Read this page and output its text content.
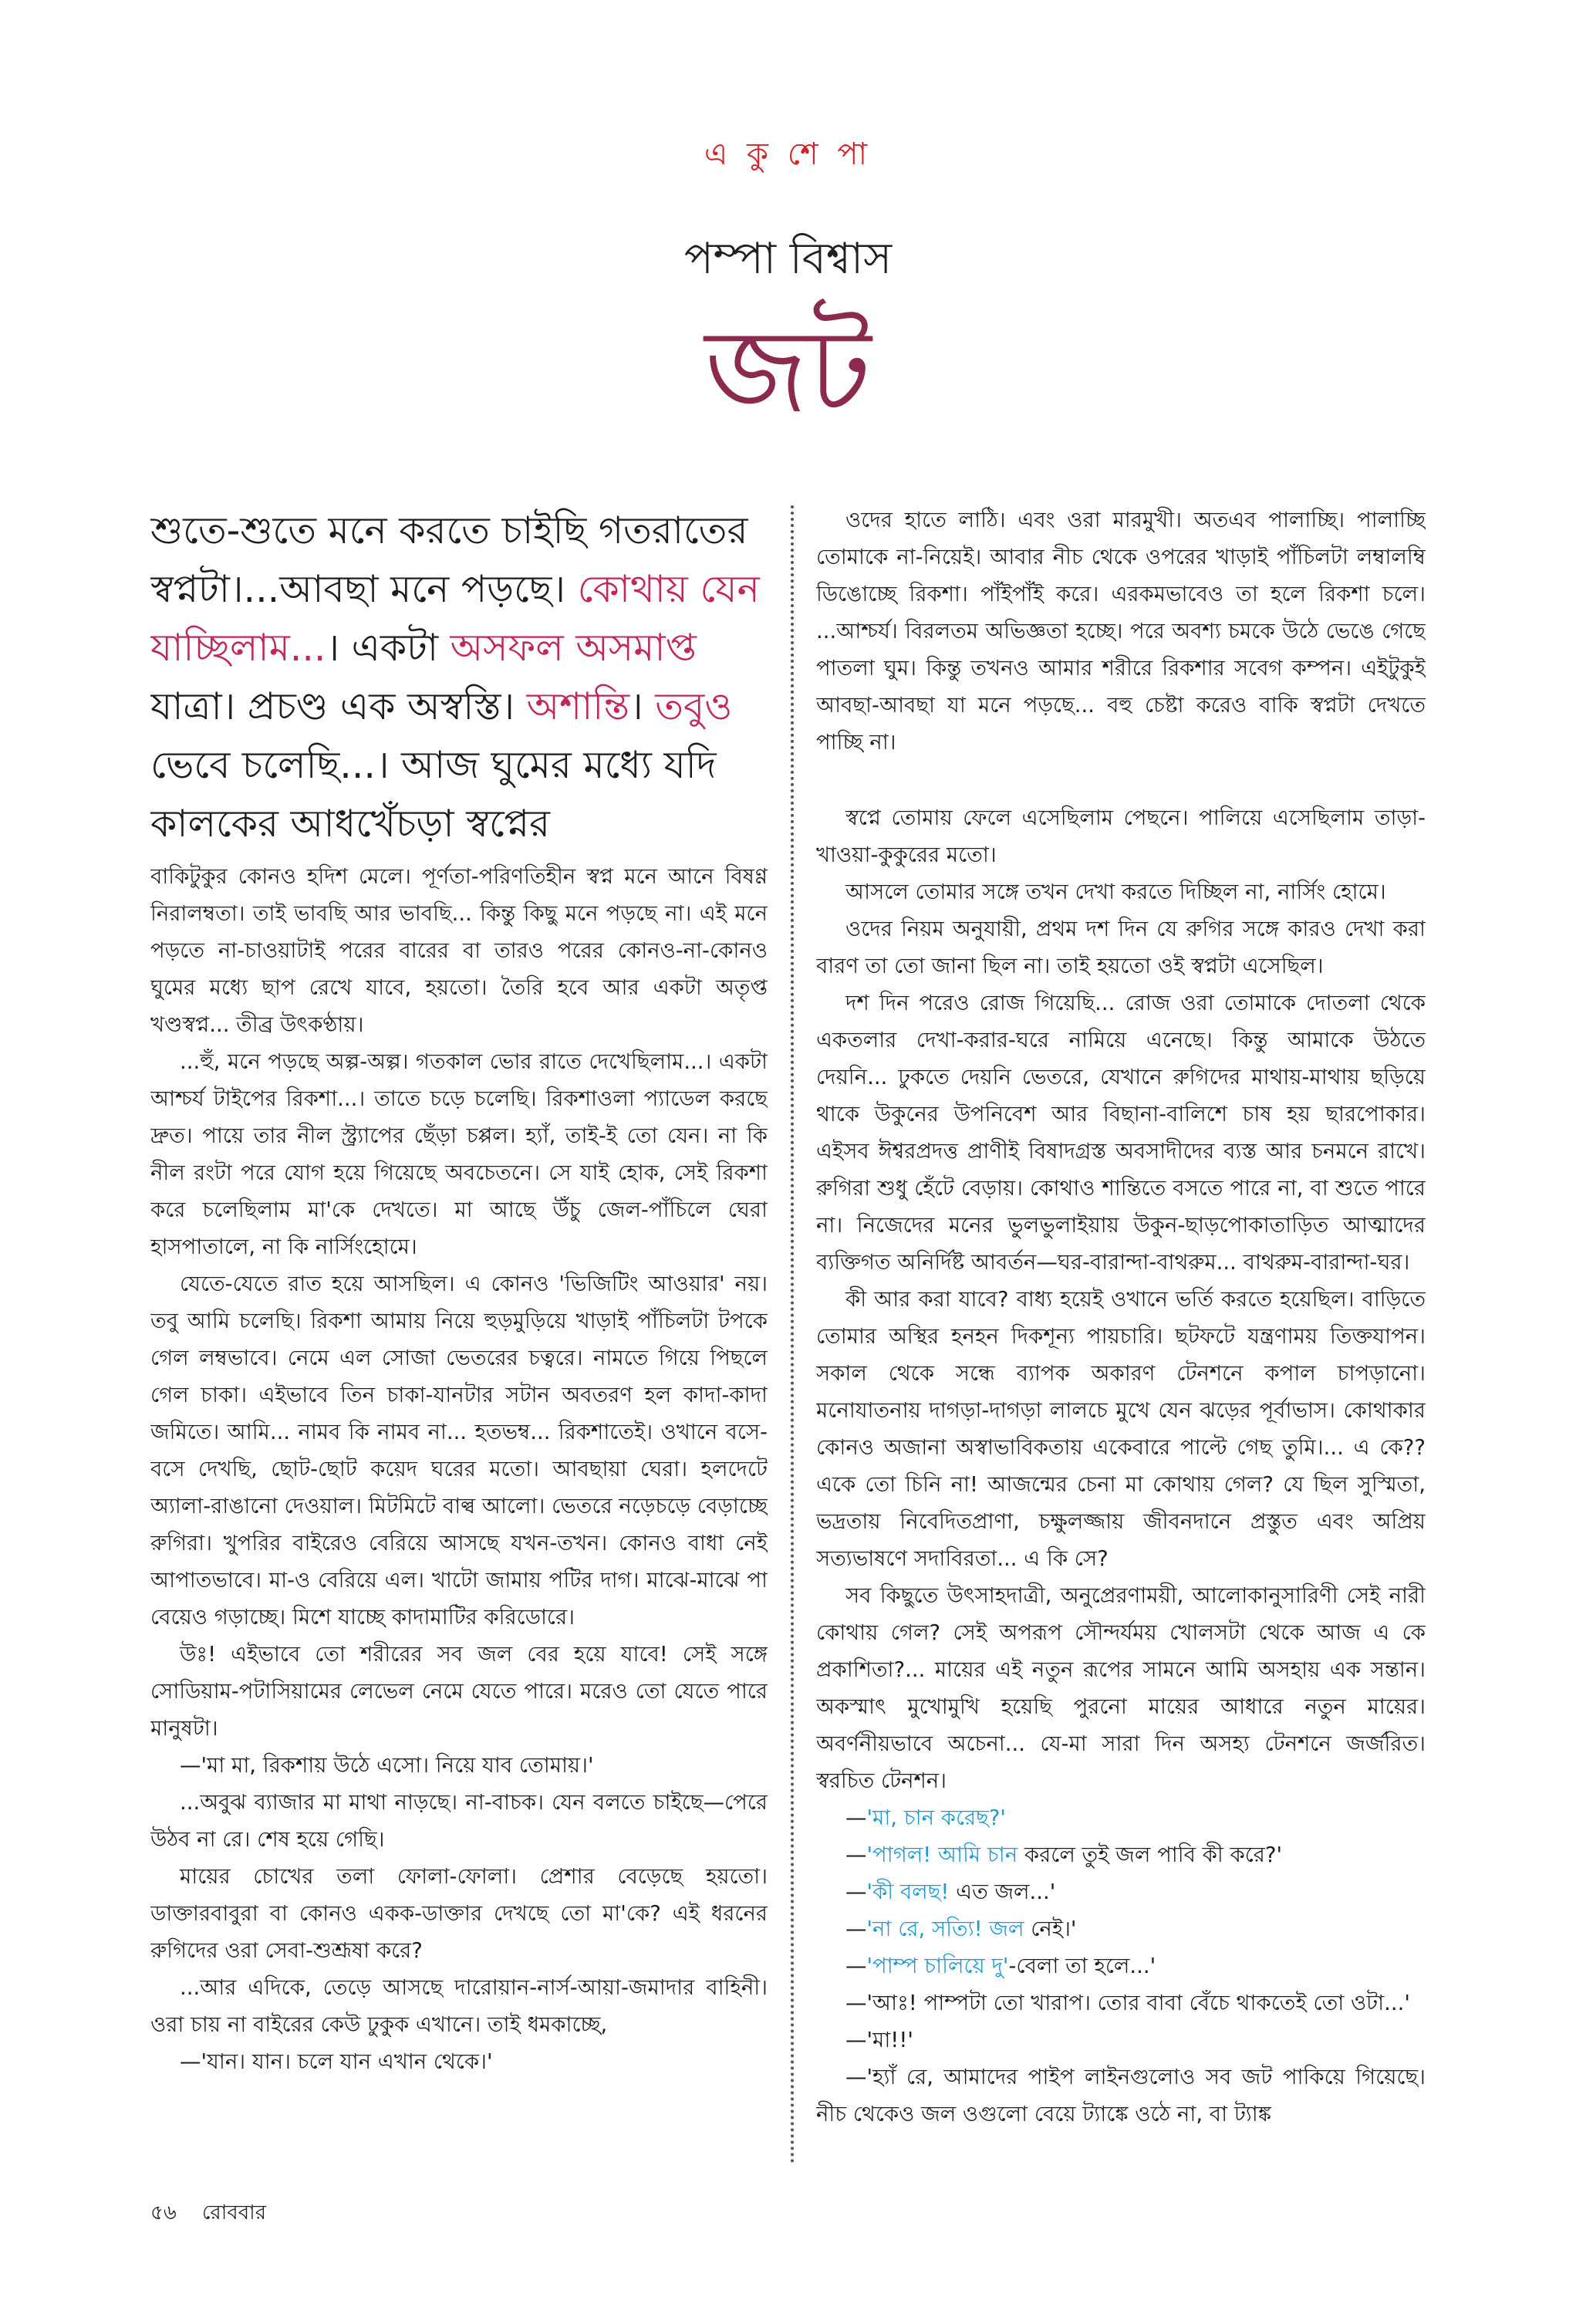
এ কু শে পা
পম্পা বিশ্বাস
জট
শুতে-শুতে মনে করতে চাইছি গতরাতের স্বপ্নটা।...আবছা মনে পড়ছে। কোথায় যেন যাচ্ছিলাম...। একটা অসফল অসমাপ্ত যাত্রা। প্রচণ্ড এক অস্বস্তি। অশান্তি। তবুও ভেবে চলেছি...। আজ ঘুমের মধ্যে যদি কালকের আধখেঁচড়া স্বপ্নের

বাকিটুকুর কোনও হদিশ মেলে। পূর্ণতা-পরিণতিহীন স্বপ্ন মনে আনে বিষণ্ণ নিরালম্বতা। তাই ভাবছি আর ভাবছি... কিন্তু কিছু মনে পড়ছে না। এই মনে পড়তে না-চাওয়াটাই পরের বারের বা তারও পরের কোনও-না-কোনও ঘুমের মধ্যে ছাপ রেখে যাবে, হয়তো। তৈরি হবে আর একটা অতৃপ্ত খণ্ডস্বপ্ন... তীব্র উৎকণ্ঠায়।

...হুঁ, মনে পড়ছে অল্প-অল্প। গতকাল ভোর রাতে দেখেছিলাম...। একটা আশ্চর্য টাইপের রিকশা...। তাতে চড়ে চলেছি। রিকশাওলা প্যাডেল করছে দ্রুত। পায়ে তার নীল স্ট্র্যাপের ছেঁড়া চপ্পল। হ্যাঁ, তাই-ই তো যেন। না কি নীল রংটা পরে যোগ হয়ে গিয়েছে অবচেতনে। সে যাই হোক, সেই রিকশা করে চলেছিলাম মা'কে দেখতে। মা আছে উঁচু জেল-পাঁচিলে ঘেরা হাসপাতালে, না কি নার্সিংহোমে।

যেতে-যেতে রাত হয়ে আসছিল। এ কোনও 'ভিজিটিং আওয়ার' নয়। তবু আমি চলেছি। রিকশা আমায় নিয়ে হুড়মুড়িয়ে খাড়াই পাঁচিলটা টপকে গেল লম্বভাবে। নেমে এল সোজা ভেতরের চত্বরে। নামতে গিয়ে পিছলে গেল চাকা। এইভাবে তিন চাকা-যানটার সটান অবতরণ হল কাদা-কাদা জমিতে। আমি... নামব কি নামব না... হতভম্ব... রিকশাতেই। ওখানে বসে-বসে দেখছি, ছোট-ছোট কয়েদ ঘরের মতো। আবছায়া ঘেরা। হলদেটে অ্যালা-রাঙানো দেওয়াল। মিটমিটে বাল্ব আলো। ভেতরে নড়েচড়ে বেড়াচ্ছে রুগিরা। খুপরির বাইরেও বেরিয়ে আসছে যখন-তখন। কোনও বাধা নেই আপাতভাবে। মা-ও বেরিয়ে এল। খাটো জামায় পটির দাগ। মাঝে-মাঝে পা বেয়েও গড়াচ্ছে। মিশে যাচ্ছে কাদামাটির করিডোরে।

উঃ! এইভাবে তো শরীরের সব জল বের হয়ে যাবে! সেই সঙ্গে সোডিয়াম-পটাসিয়ামের লেভেল নেমে যেতে পারে। মরেও তো যেতে পারে মানুষটা।

—'মা মা, রিকশায় উঠে এসো। নিয়ে যাব তোমায়।'

...অবুঝ ব্যাজার মা মাথা নাড়ছে। না-বাচক। যেন বলতে চাইছে—পেরে উঠব না রে। শেষ হয়ে গেছি।

মায়ের চোখের তলা ফোলা-ফোলা। প্রেশার বেড়েছে হয়তো। ডাক্তারবাবুরা বা কোনও একক-ডাক্তার দেখছে তো মা'কে? এই ধরনের রুগিদের ওরা সেবা-শুশ্রূষা করে?

...আর এদিকে, তেড়ে আসছে দারোয়ান-নার্স-আয়া-জমাদার বাহিনী। ওরা চায় না বাইরের কেউ ঢুকুক এখানে। তাই ধমকাচ্ছে,

—'যান। যান। চলে যান এখান থেকে।'

ওদের হাতে লাঠি। এবং ওরা মারমুখী। অতএব পালাচ্ছি। পালাচ্ছি তোমাকে না-নিয়েই। আবার নীচ থেকে ওপরের খাড়াই পাঁচিলটা লম্বালম্বি ডিঙোচ্ছে রিকশা। পাঁইপাঁই করে। এরকমভাবেও তা হলে রিকশা চলে। ...আশ্চর্য। বিরলতম অভিজ্ঞতা হচ্ছে। পরে অবশ্য চমকে উঠে ভেঙে গেছে পাতলা ঘুম। কিন্তু তখনও আমার শরীরে রিকশার সবেগ কম্পন। এইটুকুই আবছা-আবছা যা মনে পড়ছে... বহু চেষ্টা করেও বাকি স্বপ্নটা দেখতে পাচ্ছি না।

স্বপ্নে তোমায় ফেলে এসেছিলাম পেছনে। পালিয়ে এসেছিলাম তাড়া-খাওয়া-কুকুরের মতো।

আসলে তোমার সঙ্গে তখন দেখা করতে দিচ্ছিল না, নার্সিং হোমে।

ওদের নিয়ম অনুযায়ী, প্রথম দশ দিন যে রুগির সঙ্গে কারও দেখা করা বারণ তা তো জানা ছিল না। তাই হয়তো ওই স্বপ্নটা এসেছিল।

দশ দিন পরেও রোজ গিয়েছি... রোজ ওরা তোমাকে দোতলা থেকে একতলার দেখা-করার-ঘরে নামিয়ে এনেছে। কিন্তু আমাকে উঠতে দেয়নি... ঢুকতে দেয়নি ভেতরে, যেখানে রুগিদের মাথায়-মাথায় ছড়িয়ে থাকে উকুনের উপনিবেশ আর বিছানা-বালিশে চাষ হয় ছারপোকার। এইসব ঈশ্বরপ্রদত্ত প্রাণীই বিষাদগ্রস্ত অবসাদীদের ব্যস্ত আর চনমনে রাখে। রুগিরা শুধু হেঁটে বেড়ায়। কোথাও শান্তিতে বসতে পারে না, বা শুতে পারে না। নিজেদের মনের ভুলভুলাইয়ায় উকুন-ছাড়পোকাতাড়িত আত্মাদের ব্যক্তিগত অনির্দিষ্ট আবর্তন—ঘর-বারান্দা-বাথরুম... বাথরুম-বারান্দা-ঘর।

কী আর করা যাবে? বাধ্য হয়েই ওখানে ভর্তি করতে হয়েছিল। বাড়িতে তোমার অস্থির হনহন দিকশূন্য পায়চারি। ছটফটে যন্ত্রণাময় তিক্তযাপন। সকাল থেকে সন্ধে ব্যাপক অকারণ টেনশনে কপাল চাপড়ানো। মনোযাতনায় দাগড়া-দাগড়া লালচে মুখে যেন ঝড়ের পূর্বাভাস। কোথাকার কোনও অজানা অস্বাভাবিকতায় একেবারে পাল্টে গেছ তুমি।... এ কে?? একে তো চিনি না! আজন্মের চেনা মা কোথায় গেল? যে ছিল সুস্মিতা, ভদ্রতায় নিবেদিতপ্রাণা, চক্ষুলজ্জায় জীবনদানে প্রস্তুত এবং অপ্রিয় সত্যভাষণে সদাবিরতা... এ কি সে?

সব কিছুতে উৎসাহদাত্রী, অনুপ্রেরণাময়ী, আলোকানুসারিণী সেই নারী কোথায় গেল? সেই অপরূপ সৌন্দর্যময় খোলসটা থেকে আজ এ কে প্রকাশিতা?... মায়ের এই নতুন রূপের সামনে আমি অসহায় এক সন্তান। অকস্মাৎ মুখোমুখি হয়েছি পুরনো মায়ের আধারে নতুন মায়ের। অবর্ণনীয়ভাবে অচেনা... যে-মা সারা দিন অসহ্য টেনশনে জর্জরিত। স্বরচিত টেনশন।

—'মা, চান করেছ?'

—'পাগল! আমি চান করলে তুই জল পাবি কী করে?'

—'কী বলছ! এত জল...'

—'না রে, সত্যি! জল নেই।'

—'পাম্প চালিয়ে দু'-বেলা তা হলে...'

—'আঃ! পাম্পটা তো খারাপ। তোর বাবা বেঁচে থাকতেই তো ওটা...'

—'মা!!'

—'হ্যাঁ রে, আমাদের পাইপ লাইনগুলোও সব জট পাকিয়ে গিয়েছে। নীচ থেকেও জল ওগুলো বেয়ে ট্যাঙ্কে ওঠে না, বা ট্যাঙ্ক

৫৬ রোববার
